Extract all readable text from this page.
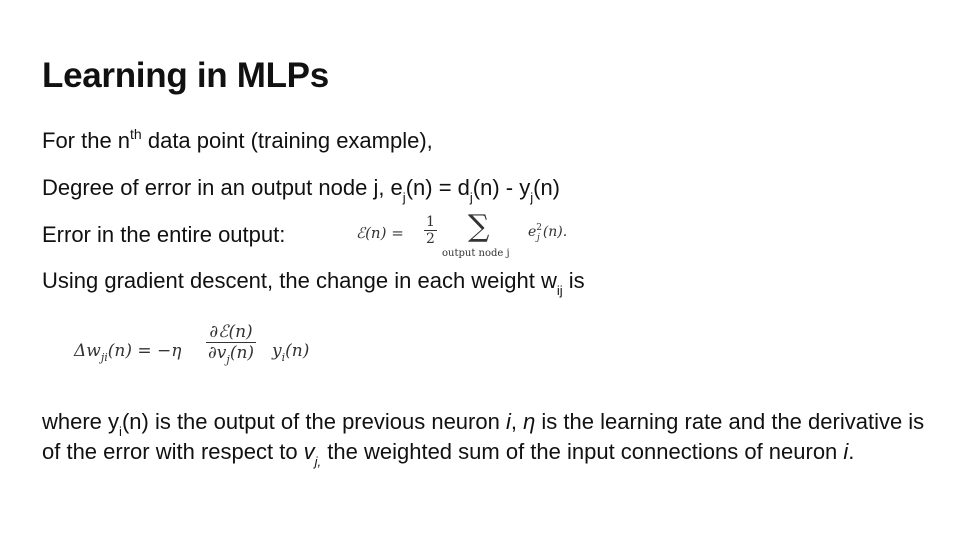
Learning in MLPs
For the $n^{th}$ data point (training example),
Degree of error in an output node j, $e_j(n) = d_j(n) - y_j(n)$
Error in the entire output:	ℰ(n) = $\frac{1}{2}$ ∑
output node j
$e^2_j$ (n).
Using gradient descent, the change in each weight $w_{ij}$ is
$\Delta w_{ji}(n) = -\eta \frac{\text{∂ℰ(n)}}{\partial v_j(n)} y_i(n)$
where $y_i(n)$ is the output of the previous neuron i, η is the learning rate and the derivative is of the error with respect to $v_{j,}$ the weighted sum of the input connections of neuron i.
